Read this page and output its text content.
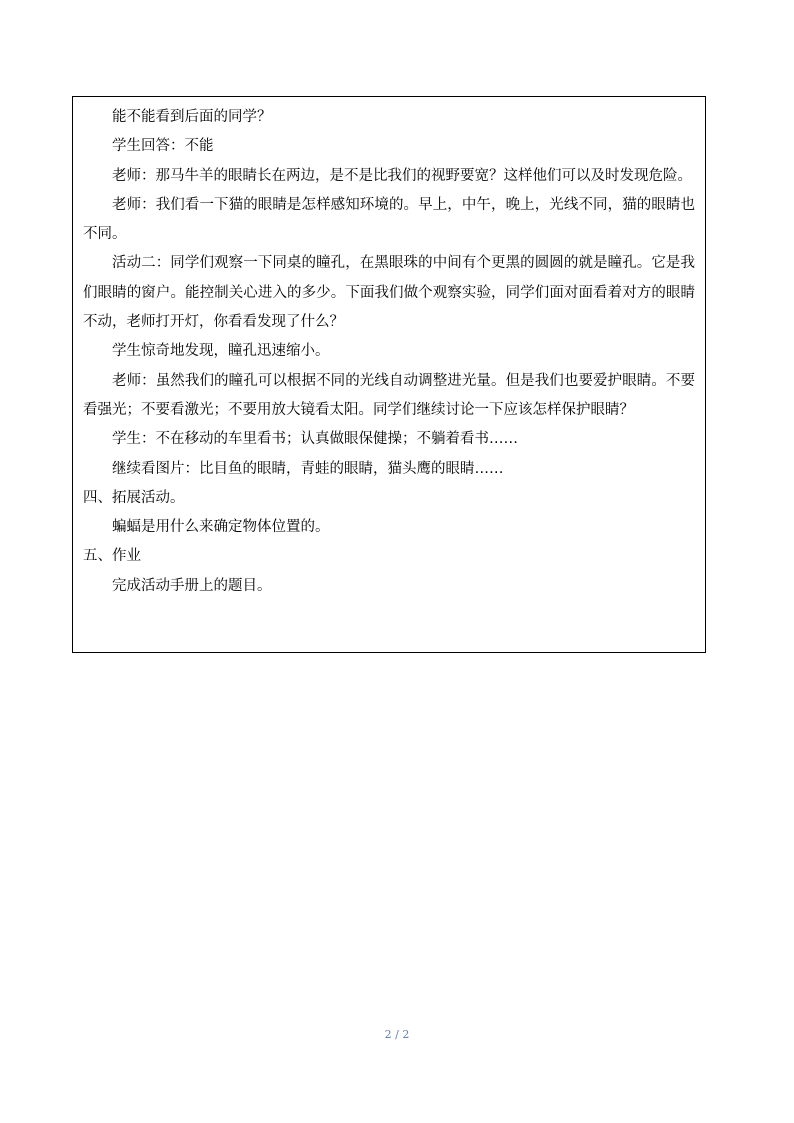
能不能看到后面的同学？

学生回答：不能

老师：那马牛羊的眼睛长在两边，是不是比我们的视野要宽？这样他们可以及时发现危险。

老师：我们看一下猫的眼睛是怎样感知环境的。早上，中午，晚上，光线不同，猫的眼睛也不同。

活动二：同学们观察一下同桌的瞳孔，在黑眼珠的中间有个更黑的圆圆的就是瞳孔。它是我们眼睛的窗户。能控制关心进入的多少。下面我们做个观察实验，同学们面对面看着对方的眼睛不动，老师打开灯，你看看发现了什么？

学生惊奇地发现，瞳孔迅速缩小。

老师：虽然我们的瞳孔可以根据不同的光线自动调整进光量。但是我们也要爱护眼睛。不要看强光；不要看激光；不要用放大镜看太阳。同学们继续讨论一下应该怎样保护眼睛？

学生：不在移动的车里看书；认真做眼保健操；不躺着看书……

继续看图片：比目鱼的眼睛，青蛙的眼睛，猫头鹰的眼睛……

四、拓展活动。

蝙蝠是用什么来确定物体位置的。

五、作业

完成活动手册上的题目。

2 / 2
